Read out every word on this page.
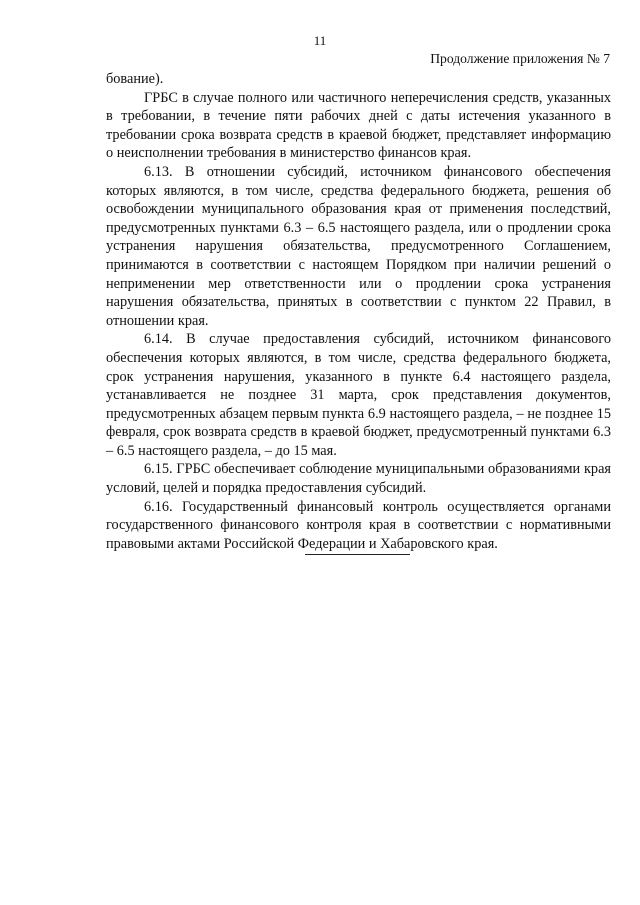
11
Продолжение приложения № 7

бование).

ГРБС в случае полного или частичного неперечисления средств, указанных в требовании, в течение пяти рабочих дней с даты истечения указанного в требовании срока возврата средств в краевой бюджет, представляет информацию о неисполнении требования в министерство финансов края.

6.13. В отношении субсидий, источником финансового обеспечения которых являются, в том числе, средства федерального бюджета, решения об освобождении муниципального образования края от применения последствий, предусмотренных пунктами 6.3 – 6.5 настоящего раздела, или о продлении срока устранения нарушения обязательства, предусмотренного Соглашением, принимаются в соответствии с настоящем Порядком при наличии решений о неприменении мер ответственности или о продлении срока устранения нарушения обязательства, принятых в соответствии с пунктом 22 Правил, в отношении края.

6.14. В случае предоставления субсидий, источником финансового обеспечения которых являются, в том числе, средства федерального бюджета, срок устранения нарушения, указанного в пункте 6.4 настоящего раздела, устанавливается не позднее 31 марта, срок представления документов, предусмотренных абзацем первым пункта 6.9 настоящего раздела, – не позднее 15 февраля, срок возврата средств в краевой бюджет, предусмотренный пунктами 6.3 – 6.5 настоящего раздела, – до 15 мая.

6.15. ГРБС обеспечивает соблюдение муниципальными образованиями края условий, целей и порядка предоставления субсидий.

6.16. Государственный финансовый контроль осуществляется органами государственного финансового контроля края в соответствии с нормативными правовыми актами Российской Федерации и Хабаровского края.
